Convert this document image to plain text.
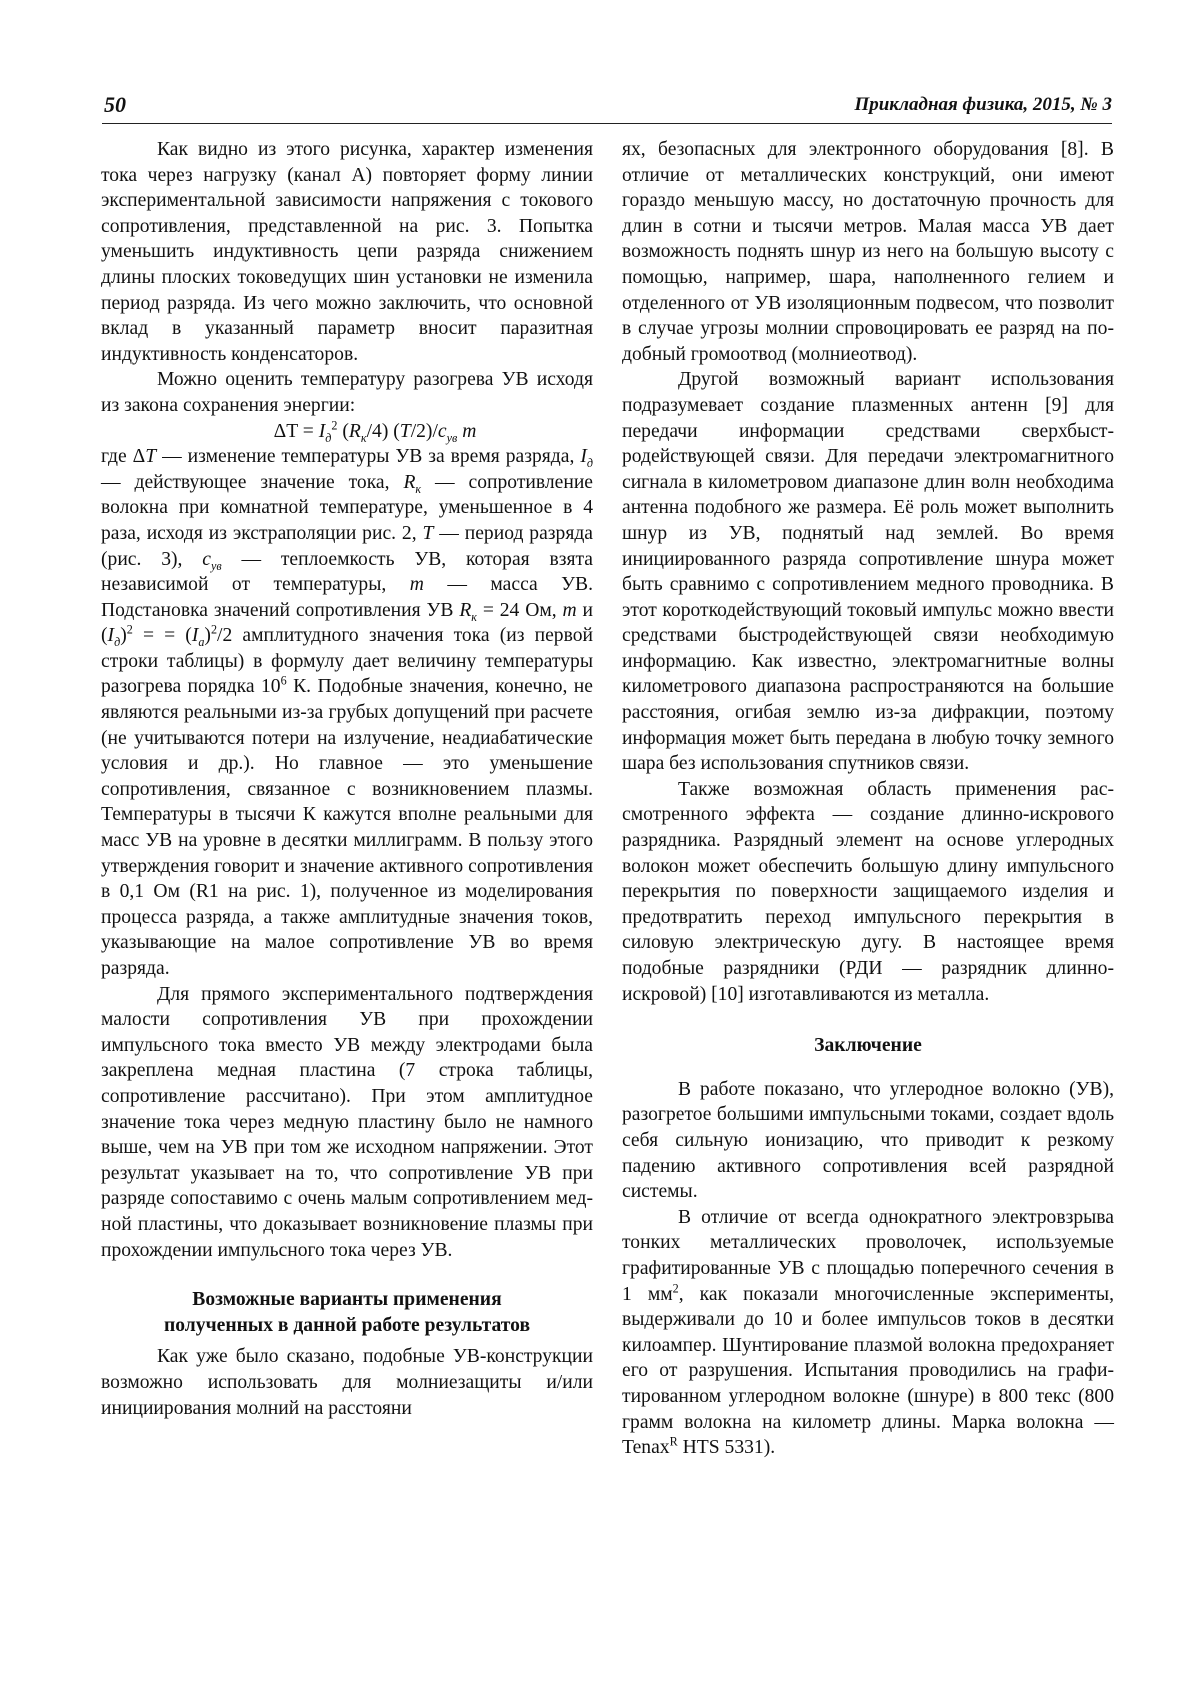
50	Прикладная физика, 2015, № 3

Как видно из этого рисунка, характер изменения тока через нагрузку (канал А) повторяет форму линии экспериментальной зависимости напряжения с токового сопротивления, представленной на рис. 3. Попытка уменьшить индуктивность цепи разряда снижением длины плоских токоведущих шин установки не изменила период разряда. Из чего можно заключить, что основной вклад в указанный параметр вносит паразитная индуктивность конденсаторов.

Можно оценить температуру разогрева УВ исходя из закона сохранения энергии:

$\Delta T = I_д^2$ $(R_к/4)$ $(T/2)/c_{ув}$ m

где ΔT — изменение температуры УВ за время разряда, $I_д$ — действующее значение тока, $R_к$ — сопротивление волокна при комнатной температуре, уменьшенное в 4 раза, исходя из экстраполяции рис. 2, T — период разряда (рис. 3), $c_{ув}$ — теплоемкость УВ, которая взята независимой от температуры, m — масса УВ. Подстановка значений сопротивления УВ $R_к = 24$ Ом, m и $(I_д)^2$ = = $(I_а)^2/2$ амплитудного значения тока (из первой строки таблицы) в формулу дает величину температуры разогрева порядка $10^6$ К. Подобные значения, конечно, не являются реальными из-за грубых допущений при расчете (не учитываются потери на излучение, неадиабатические условия и др.). Но главное — это уменьшение сопротивления, связанное с возникновением плазмы. Температуры в тысячи К кажутся вполне реальными для масс УВ на уровне в десятки миллиграмм. В пользу этого утверждения говорит и значение активного сопротивления в 0,1 Ом (R1 на рис. 1), полученное из моделирования процесса разряда, а также амплитудные значения токов, указывающие на малое сопротивление УВ во время разряда.

Для прямого экспериментального подтверждения малости сопротивления УВ при прохождении импульсного тока вместо УВ между электродами была закреплена медная пластина (7 строка таблицы, сопротивление рассчитано). При этом амплитудное значение тока через медную пластину было не намного выше, чем на УВ при том же исходном напряжении. Этот результат указывает на то, что сопротивление УВ при разряде сопоставимо с очень малым сопротивлением медной пластины, что доказывает возникновение плазмы при прохождении импульсного тока через УВ.

Возможные варианты применения
полученных в данной работе результатов

Как уже было сказано, подобные УВ-конструкции возможно использовать для молниезащиты и/или инициирования молний на расстояни

ях, безопасных для электронного оборудования [8]. В отличие от металлических конструкций, они имеют гораздо меньшую массу, но достаточную прочность для длин в сотни и тысячи метров. Малая масса УВ дает возможность поднять шнур из него на большую высоту с помощью, например, шара, наполненного гелием и отделенного от УВ изоляционным подвесом, что позволит в случае угрозы молнии спровоцировать ее разряд на подобный громоотвод (молниеотвод).

Другой возможный вариант использования подразумевает создание плазменных антенн [9] для передачи информации средствами сверхбыстродействующей связи. Для передачи электромагнитного сигнала в километровом диапазоне длин волн необходима антенна подобного же размера. Её роль может выполнить шнур из УВ, поднятый над землей. Во время инициированного разряда сопротивление шнура может быть сравнимо с сопротивлением медного проводника. В этот короткодействующий токовый импульс можно ввести средствами быстродействующей связи необходимую информацию. Как известно, электромагнитные волны километрового диапазона распространяются на большие расстояния, огибая землю из-за дифракции, поэтому информация может быть передана в любую точку земного шара без использования спутников связи.

Также возможная область применения рассмотренного эффекта — создание длинно-искрового разрядника. Разрядный элемент на основе углеродных волокон может обеспечить большую длину импульсного перекрытия по поверхности защищаемого изделия и предотвратить переход импульсного перекрытия в силовую электрическую дугу. В настоящее время подобные разрядники (РДИ — разрядник длинно-искровой) [10] изготавливаются из металла.

Заключение

В работе показано, что углеродное волокно (УВ), разогретое большими импульсными токами, создает вдоль себя сильную ионизацию, что приводит к резкому падению активного сопротивления всей разрядной системы.

В отличие от всегда однократного электровзрыва тонких металлических проволочек, используемые графитированные УВ с площадью поперечного сечения в 1 $мм^2$, как показали многочисленные эксперименты, выдерживали до 10 и более импульсов токов в десятки килоампер. Шунтирование плазмой волокна предохраняет его от разрушения. Испытания проводились на графитированном углеродном волокне (шнуре) в 800 текс (800 грамм волокна на километр длины. Марка волокна — Tenax$^R$ HTS 5331).
